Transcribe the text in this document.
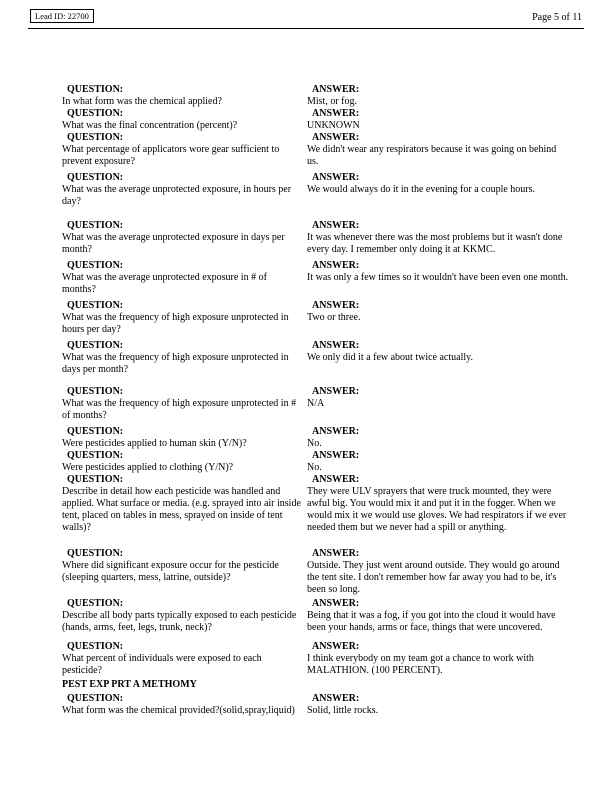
Lead ID: 22700	Page 5 of 11
QUESTION:
In what form was the chemical applied?
ANSWER:
Mist, or fog.
QUESTION:
What was the final concentration (percent)?
ANSWER:
UNKNOWN
QUESTION:
What percentage of applicators wore gear sufficient to prevent exposure?
ANSWER:
We didn't wear any respirators because it was going on behind us.
QUESTION:
What was the average unprotected exposure, in hours per day?
ANSWER:
We would always do it in the evening for a couple hours.
QUESTION:
What was the average unprotected exposure in days per month?
ANSWER:
It was whenever there was the most problems but it wasn't done every day. I remember only doing it at KKMC.
QUESTION:
What was the average unprotected exposure in # of months?
ANSWER:
It was only a few times so it wouldn't have been even one month.
QUESTION:
What was the frequency of high exposure unprotected in hours per day?
ANSWER:
Two or three.
QUESTION:
What was the frequency of high exposure unprotected in days per month?
ANSWER:
We only did it a few about twice actually.
QUESTION:
What was the frequency of high exposure unprotected in # of months?
ANSWER:
N/A
QUESTION:
Were pesticides applied to human skin (Y/N)?
ANSWER:
No.
QUESTION:
Were pesticides applied to clothing (Y/N)?
ANSWER:
No.
QUESTION:
Describe in detail how each pesticide was handled and applied. What surface or media. (e.g. sprayed into air inside tent, placed on tables in mess, sprayed on inside of tent walls)?
ANSWER:
They were ULV sprayers that were truck mounted, they were awful big. You would mix it and put it in the fogger. When we would mix it we would use gloves. We had respirators if we ever needed them but we never had a spill or anything.
QUESTION:
Where did significant exposure occur for the pesticide (sleeping quarters, mess, latrine, outside)?
ANSWER:
Outside. They just went around outside. They would go around the tent site. I don't remember how far away you had to be, it's been so long.
QUESTION:
Describe all body parts typically exposed to each pesticide (hands, arms, feet, legs, trunk, neck)?
ANSWER:
Being that it was a fog, if you got into the cloud it would have been your hands, arms or face, things that were uncovered.
QUESTION:
What percent of individuals were exposed to each pesticide?
ANSWER:
I think everybody on my team got a chance to work with MALATHION. (100 PERCENT).
PEST EXP PRT A METHOMY
QUESTION:
What form was the chemical provided?(solid,spray,liquid)
ANSWER:
Solid, little rocks.
